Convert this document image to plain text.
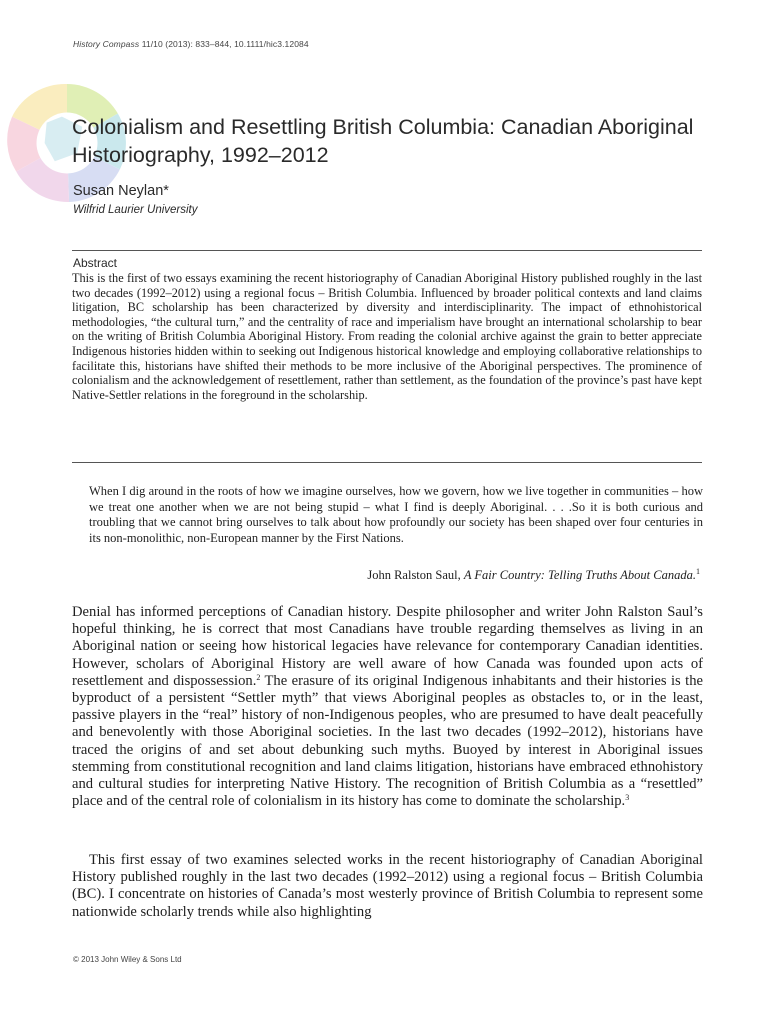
History Compass 11/10 (2013): 833–844, 10.1111/hic3.12084
Colonialism and Resettling British Columbia: Canadian Aboriginal Historiography, 1992–2012
Susan Neylan*
Wilfrid Laurier University
Abstract

This is the first of two essays examining the recent historiography of Canadian Aboriginal History published roughly in the last two decades (1992–2012) using a regional focus – British Columbia. Influenced by broader political contexts and land claims litigation, BC scholarship has been characterized by diversity and interdisciplinarity. The impact of ethnohistorical methodologies, “the cultural turn,” and the centrality of race and imperialism have brought an international scholarship to bear on the writing of British Columbia Aboriginal History. From reading the colonial archive against the grain to better appreciate Indigenous histories hidden within to seeking out Indigenous historical knowledge and employing collaborative relationships to facilitate this, historians have shifted their methods to be more inclusive of the Aboriginal perspectives. The prominence of colonialism and the acknowledgement of resettlement, rather than settlement, as the foundation of the province’s past have kept Native-Settler relations in the foreground in the scholarship.

When I dig around in the roots of how we imagine ourselves, how we govern, how we live together in communities – how we treat one another when we are not being stupid – what I find is deeply Aboriginal. . . .So it is both curious and troubling that we cannot bring ourselves to talk about how profoundly our society has been shaped over four centuries in its non-monolithic, non-European manner by the First Nations.

John Ralston Saul, A Fair Country: Telling Truths About Canada.$^1$

Denial has informed perceptions of Canadian history. Despite philosopher and writer John Ralston Saul’s hopeful thinking, he is correct that most Canadians have trouble regarding themselves as living in an Aboriginal nation or seeing how historical legacies have relevance for contemporary Canadian identities. However, scholars of Aboriginal History are well aware of how Canada was founded upon acts of resettlement and dispossession.$^2$ The erasure of its original Indigenous inhabitants and their histories is the byproduct of a persistent “Settler myth” that views Aboriginal peoples as obstacles to, or in the least, passive players in the “real” history of non-Indigenous peoples, who are presumed to have dealt peacefully and benevolently with those Aboriginal societies. In the last two decades (1992–2012), historians have traced the origins of and set about debunking such myths. Buoyed by interest in Aboriginal issues stemming from constitutional recognition and land claims litigation, historians have embraced ethnohistory and cultural studies for interpreting Native History. The recognition of British Columbia as a “resettled” place and of the central role of colonialism in its history has come to dominate the scholarship.$^3$

This first essay of two examines selected works in the recent historiography of Canadian Aboriginal History published roughly in the last two decades (1992–2012) using a regional focus – British Columbia (BC). I concentrate on histories of Canada’s most westerly province of British Columbia to represent some nationwide scholarly trends while also highlighting

© 2013 John Wiley & Sons Ltd
